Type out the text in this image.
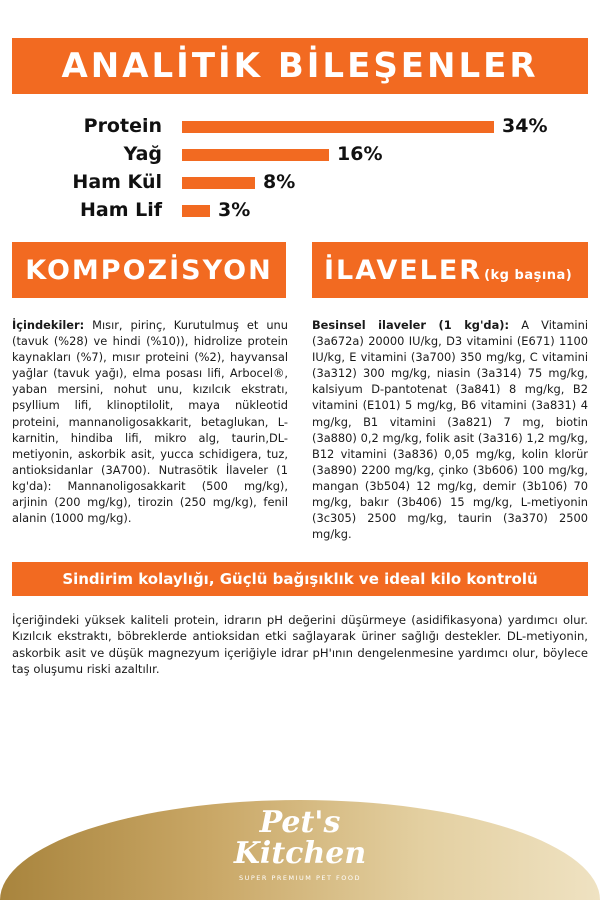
ANALİTİK BİLEŞENLER
Protein	34%
Yağ	16%
Ham Kül	8%
Ham Lif	3%
KOMPOZİSYON İLAVELER (kg başına)
İçindekiler: Mısır, pirinç, Kurutulmuş et unu (tavuk (%28) ve hindi (%10)), hidrolize protein kaynakları (%7), mısır proteini (%2), hayvansal yağlar (tavuk yağı), elma posası lifi, Arbocel®, yaban mersini, nohut unu, kızılcık ekstratı, psyllium lifi, klinoptilolit, maya nükleotid proteini, mannanoligosakkarit, betaglukan, L-karnitin, hindiba lifi, mikro alg, taurin,DL-metiyonin, askorbik asit, yucca schidigera, tuz, antioksidanlar (3A700). Nutrasötik İlaveler (1 kg'da): Mannanoligosakkarit (500 mg/kg), arjinin (200 mg/kg), tirozin (250 mg/kg), fenil alanin (1000 mg/kg).
Besinsel ilaveler (1 kg'da): A Vitamini (3a672a) 20000 IU/kg, D3 vitamini (E671) 1100 IU/kg, E vitamini (3a700) 350 mg/kg, C vitamini (3a312) 300 mg/kg, niasin (3a314) 75 mg/kg, kalsiyum D-pantotenat (3a841) 8 mg/kg, B2 vitamini (E101) 5 mg/kg, B6 vitamini (3a831) 4 mg/kg, B1 vitamini (3a821) 7 mg, biotin (3a880) 0,2 mg/kg, folik asit (3a316) 1,2 mg/kg, B12 vitamini (3a836) 0,05 mg/kg, kolin klorür (3a890) 2200 mg/kg, çinko (3b606) 100 mg/kg, mangan (3b504) 12 mg/kg, demir (3b106) 70 mg/kg, bakır (3b406) 15 mg/kg, L-metiyonin (3c305) 2500 mg/kg, taurin (3a370) 2500 mg/kg.
Sindirim kolaylığı, Güçlü bağışıklık ve ideal kilo kontrolü
İçeriğindeki yüksek kaliteli protein, idrarın pH değerini düşürmeye (asidifikasyona) yardımcı olur. Kızılcık ekstraktı, böbreklerde antioksidan etki sağlayarak üriner sağlığı destekler. DL-metiyonin, askorbik asit ve düşük magnezyum içeriğiyle idrar pH'ının dengelenmesine yardımcı olur, böylece taş oluşumu riski azaltılır.
Pet's
Kitchen
SUPER PREMIUM PET FOOD
